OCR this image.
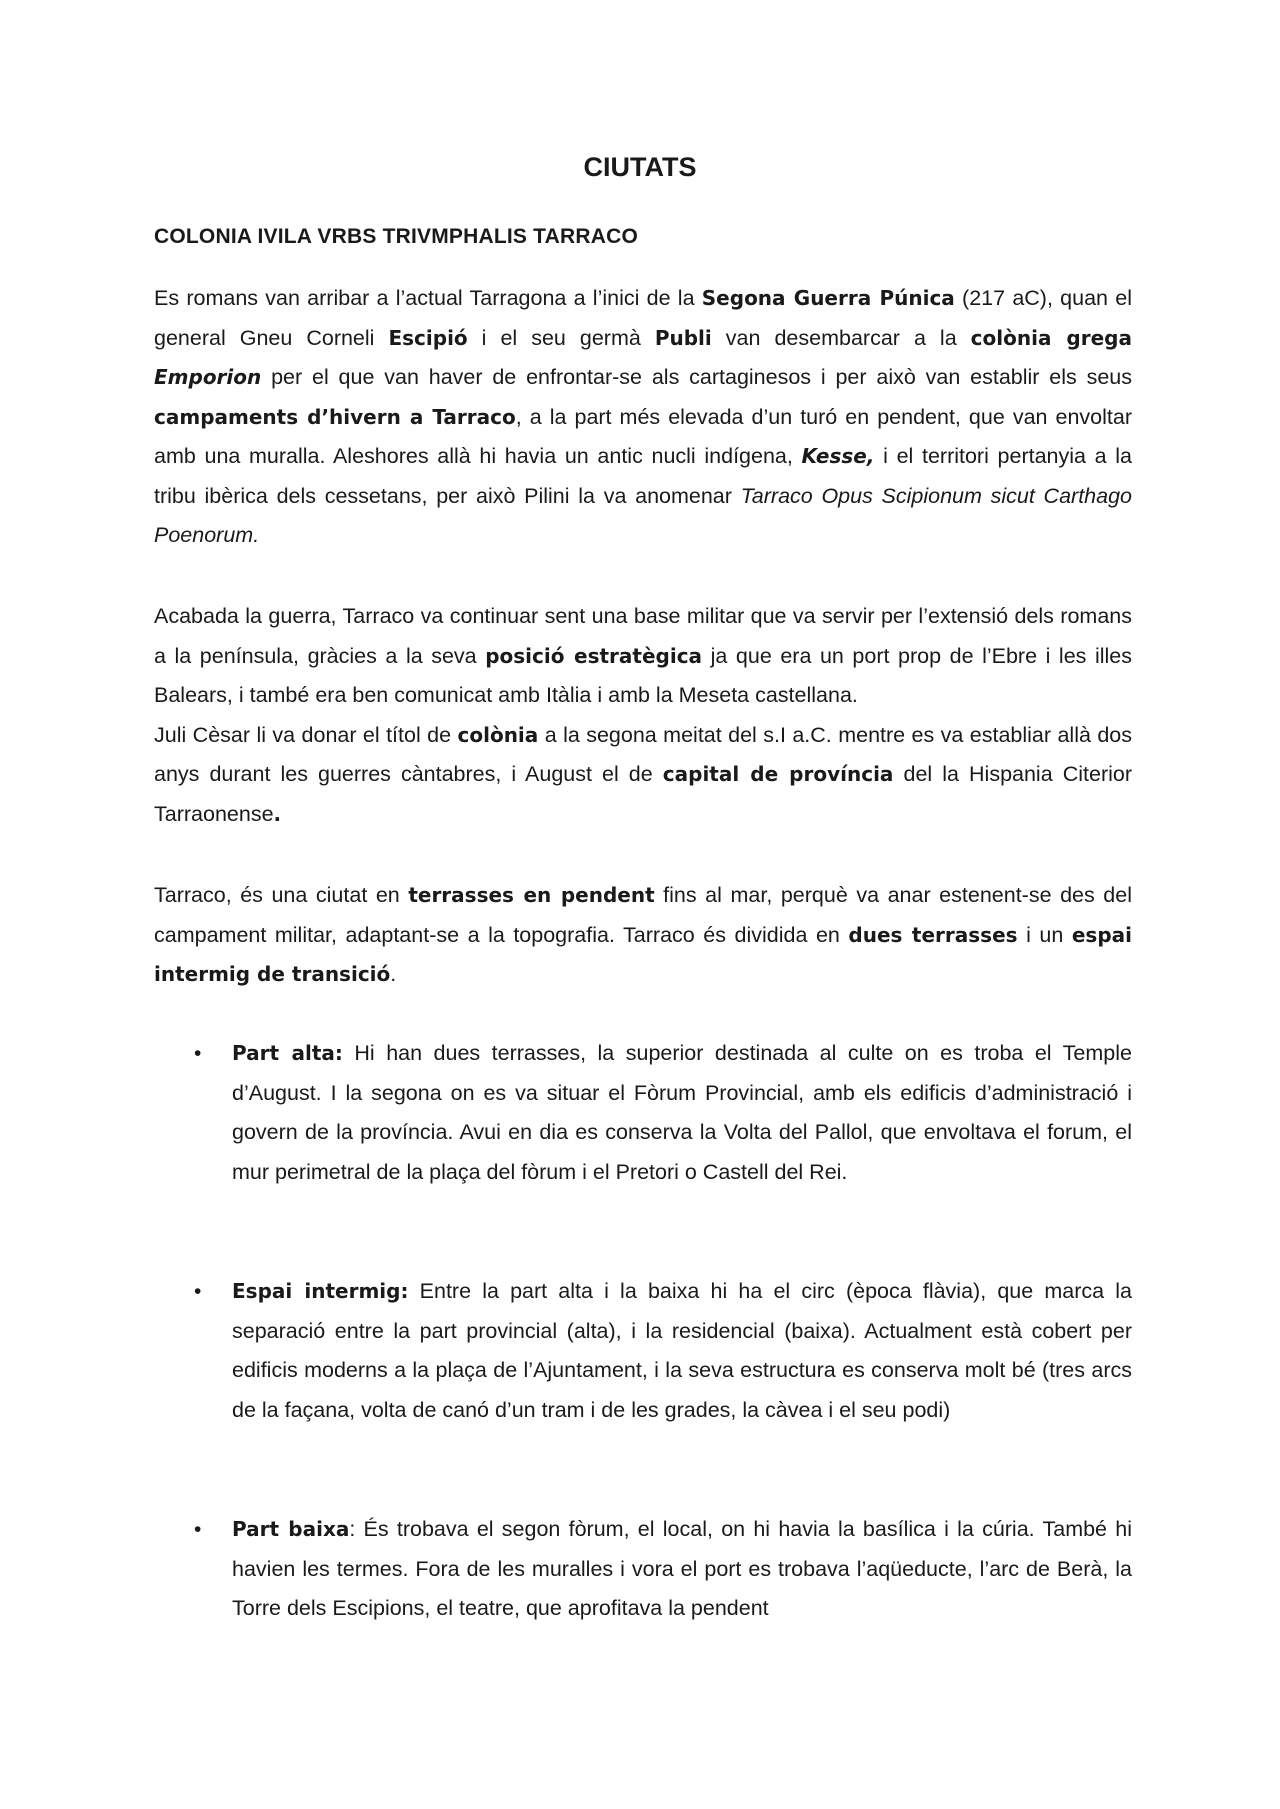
CIUTATS
COLONIA IVILA VRBS TRIVMPHALIS TARRACO

Es romans van arribar a l’actual Tarragona a l’inici de la Segona Guerra Púnica (217 aC), quan el general Gneu Corneli Escipió i el seu germà Publi van desembarcar a la colònia grega Emporion per el que van haver de enfrontar-se als cartaginesos i per això van establir els seus campaments d’hivern a Tarraco, a la part més elevada d’un turó en pendent, que van envoltar amb una muralla. Aleshores allà hi havia un antic nucli indígena, Kesse, i el territori pertanyia a la tribu ibèrica dels cessetans, per això Pilini la va anomenar Tarraco Opus Scipionum sicut Carthago Poenorum.

Acabada la guerra, Tarraco va continuar sent una base militar que va servir per l’extensió dels romans a la península, gràcies a la seva posició estratègica ja que era un port prop de l’Ebre i les illes Balears, i també era ben comunicat amb Itàlia i amb la Meseta castellana.
Juli Cèsar li va donar el títol de colònia a la segona meitat del s.I a.C. mentre es va establiar allà dos anys durant les guerres càntabres, i August el de capital de província del la Hispania Citerior Tarraonense.

Tarraco, és una ciutat en terrasses en pendent fins al mar, perquè va anar estenent-se des del campament militar, adaptant-se a la topografia. Tarraco és dividida en dues terrasses i un espai intermig de transició.

• Part alta: Hi han dues terrasses, la superior destinada al culte on es troba el Temple d’August. I la segona on es va situar el Fòrum Provincial, amb els edificis d’administració i govern de la província. Avui en dia es conserva la Volta del Pallol, que envoltava el forum, el mur perimetral de la plaça del fòrum i el Pretori o Castell del Rei.

• Espai intermig: Entre la part alta i la baixa hi ha el circ (època flàvia), que marca la separació entre la part provincial (alta), i la residencial (baixa). Actualment està cobert per edificis moderns a la plaça de l’Ajuntament, i la seva estructura es conserva molt bé (tres arcs de la façana, volta de canó d’un tram i de les grades, la càvea i el seu podi)

• Part baixa: És trobava el segon fòrum, el local, on hi havia la basílica i la cúria. També hi havien les termes. Fora de les muralles i vora el port es trobava l’aqüeducte, l’arc de Berà, la Torre dels Escipions, el teatre, que aprofitava la pendent
